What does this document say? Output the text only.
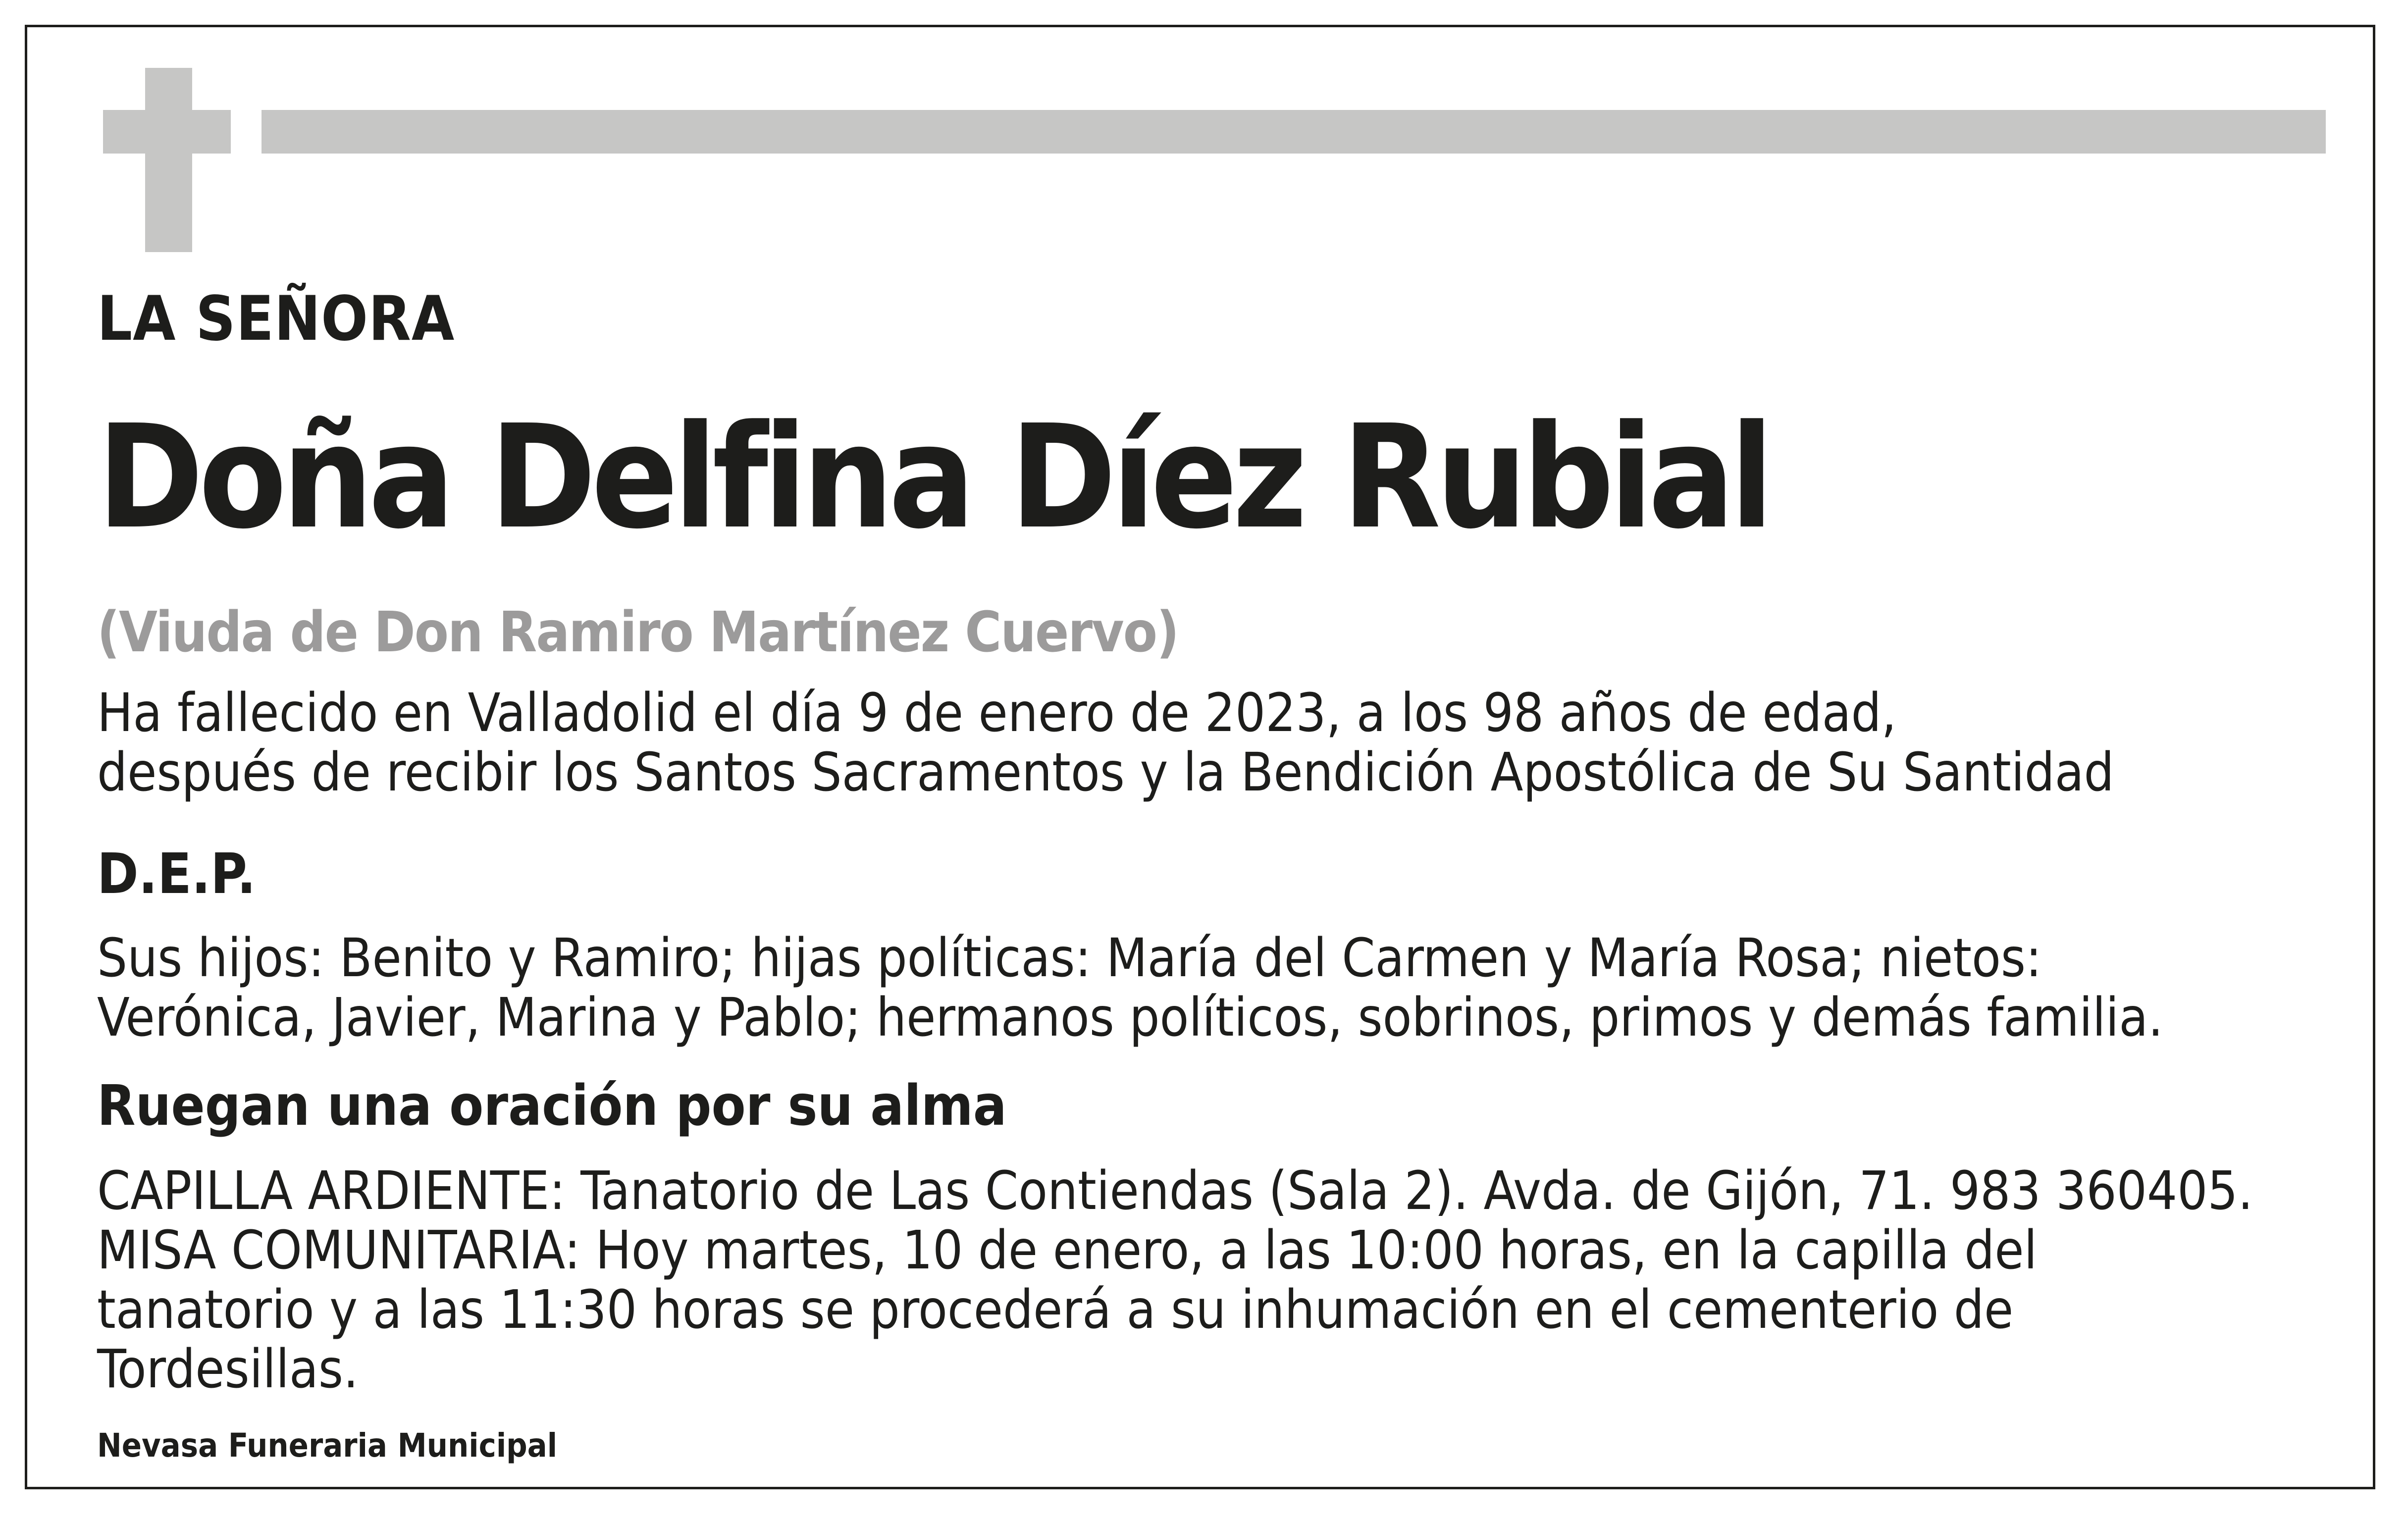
LA SEÑORA

Doña Delfina Díez Rubial

(Viuda de Don Ramiro Martínez Cuervo)

Ha fallecido en Valladolid el día 9 de enero de 2023, a los 98 años de edad,
después de recibir los Santos Sacramentos y la Bendición Apostólica de Su Santidad

D.E.P.

Sus hijos: Benito y Ramiro; hijas políticas: María del Carmen y María Rosa; nietos:
Verónica, Javier, Marina y Pablo; hermanos políticos, sobrinos, primos y demás familia.

Ruegan una oración por su alma

CAPILLA ARDIENTE: Tanatorio de Las Contiendas (Sala 2). Avda. de Gijón, 71. 983 360405.
MISA COMUNITARIA: Hoy martes, 10 de enero, a las 10:00 horas, en la capilla del
tanatorio y a las 11:30 horas se procederá a su inhumación en el cementerio de
Tordesillas.

Nevasa Funeraria Municipal
